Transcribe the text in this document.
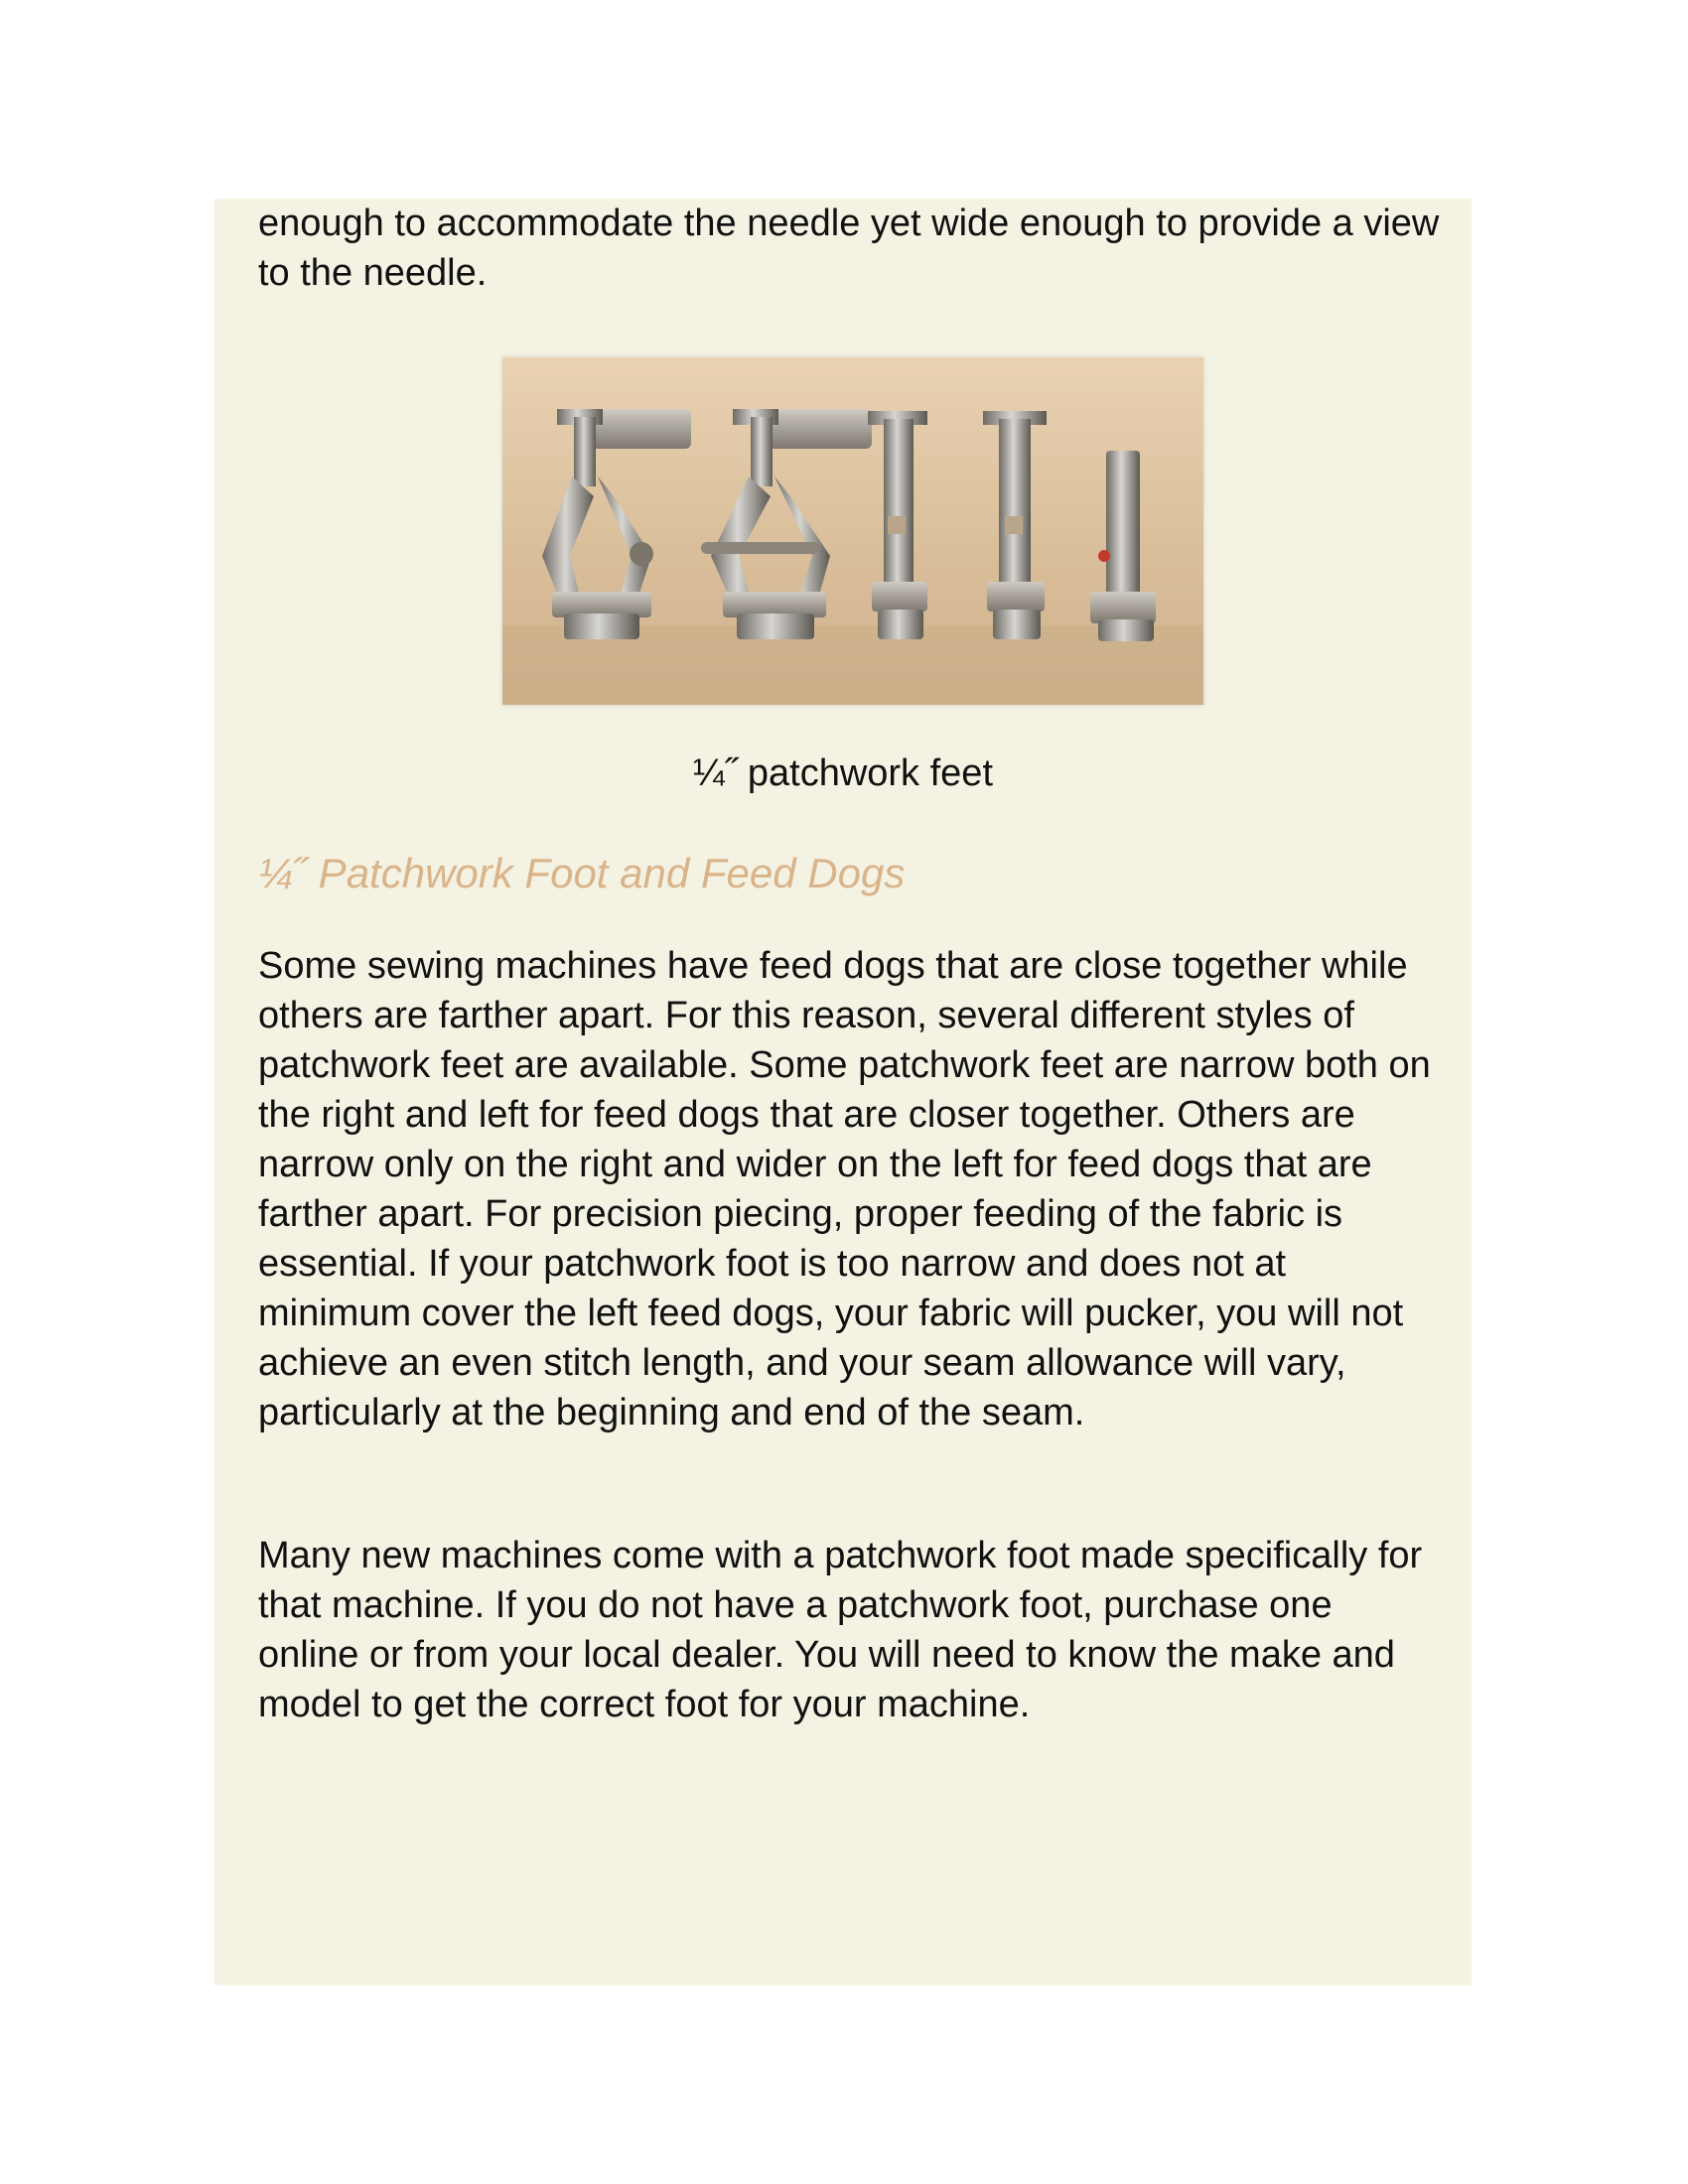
enough to accommodate the needle yet wide enough to provide a view to the needle.

¼˝ patchwork feet

¼˝ Patchwork Foot and Feed Dogs

Some sewing machines have feed dogs that are close together while others are farther apart. For this reason, several different styles of patchwork feet are available. Some patchwork feet are narrow both on the right and left for feed dogs that are closer together. Others are narrow only on the right and wider on the left for feed dogs that are farther apart. For precision piecing, proper feeding of the fabric is essential. If your patchwork foot is too narrow and does not at minimum cover the left feed dogs, your fabric will pucker, you will not achieve an even stitch length, and your seam allowance will vary, particularly at the beginning and end of the seam.

Many new machines come with a patchwork foot made specifically for that machine. If you do not have a patchwork foot, purchase one online or from your local dealer. You will need to know the make and model to get the correct foot for your machine.
